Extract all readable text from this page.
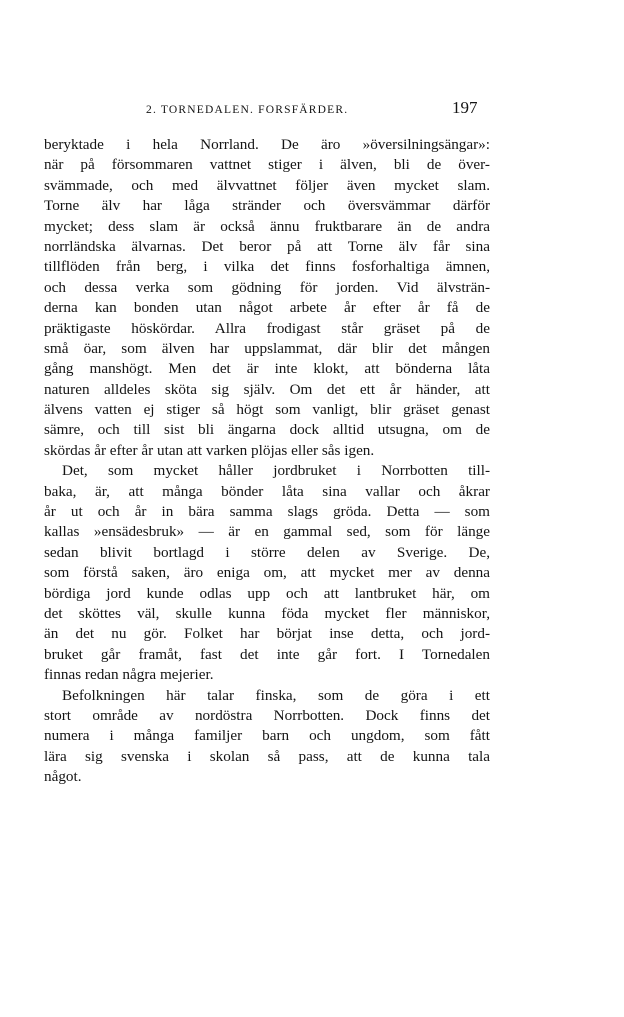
2. TORNEDALEN. FORSFÄRDER.	197
beryktade i hela Norrland. De äro »översilningsängar»:
när på försommaren vattnet stiger i älven, bli de över-
svämmade, och med älvvattnet följer även mycket slam.
Torne älv har låga stränder och översvämmar därför
mycket; dess slam är också ännu fruktbarare än de andra
norrländska älvarnas. Det beror på att Torne älv får sina
tillflöden från berg, i vilka det finns fosforhaltiga ämnen,
och dessa verka som gödning för jorden. Vid älvsträn-
derna kan bonden utan något arbete år efter år få de
präktigaste höskördar. Allra frodigast står gräset på de
små öar, som älven har uppslammat, där blir det mången
gång manshögt. Men det är inte klokt, att bönderna låta
naturen alldeles sköta sig själv. Om det ett år händer, att
älvens vatten ej stiger så högt som vanligt, blir gräset genast
sämre, och till sist bli ängarna dock alltid utsugna, om de
skördas år efter år utan att varken plöjas eller sås igen.
Det, som mycket håller jordbruket i Norrbotten till-
baka, är, att många bönder låta sina vallar och åkrar
år ut och år in bära samma slags gröda. Detta — som
kallas »ensädesbruk» — är en gammal sed, som för länge
sedan blivit bortlagd i större delen av Sverige. De,
som förstå saken, äro eniga om, att mycket mer av denna
bördiga jord kunde odlas upp och att lantbruket här, om
det sköttes väl, skulle kunna föda mycket fler människor,
än det nu gör. Folket har börjat inse detta, och jord-
bruket går framåt, fast det inte går fort. I Tornedalen
finnas redan några mejerier.
Befolkningen här talar finska, som de göra i ett
stort område av nordöstra Norrbotten. Dock finns det
numera i många familjer barn och ungdom, som fått
lära sig svenska i skolan så pass, att de kunna tala
något.
